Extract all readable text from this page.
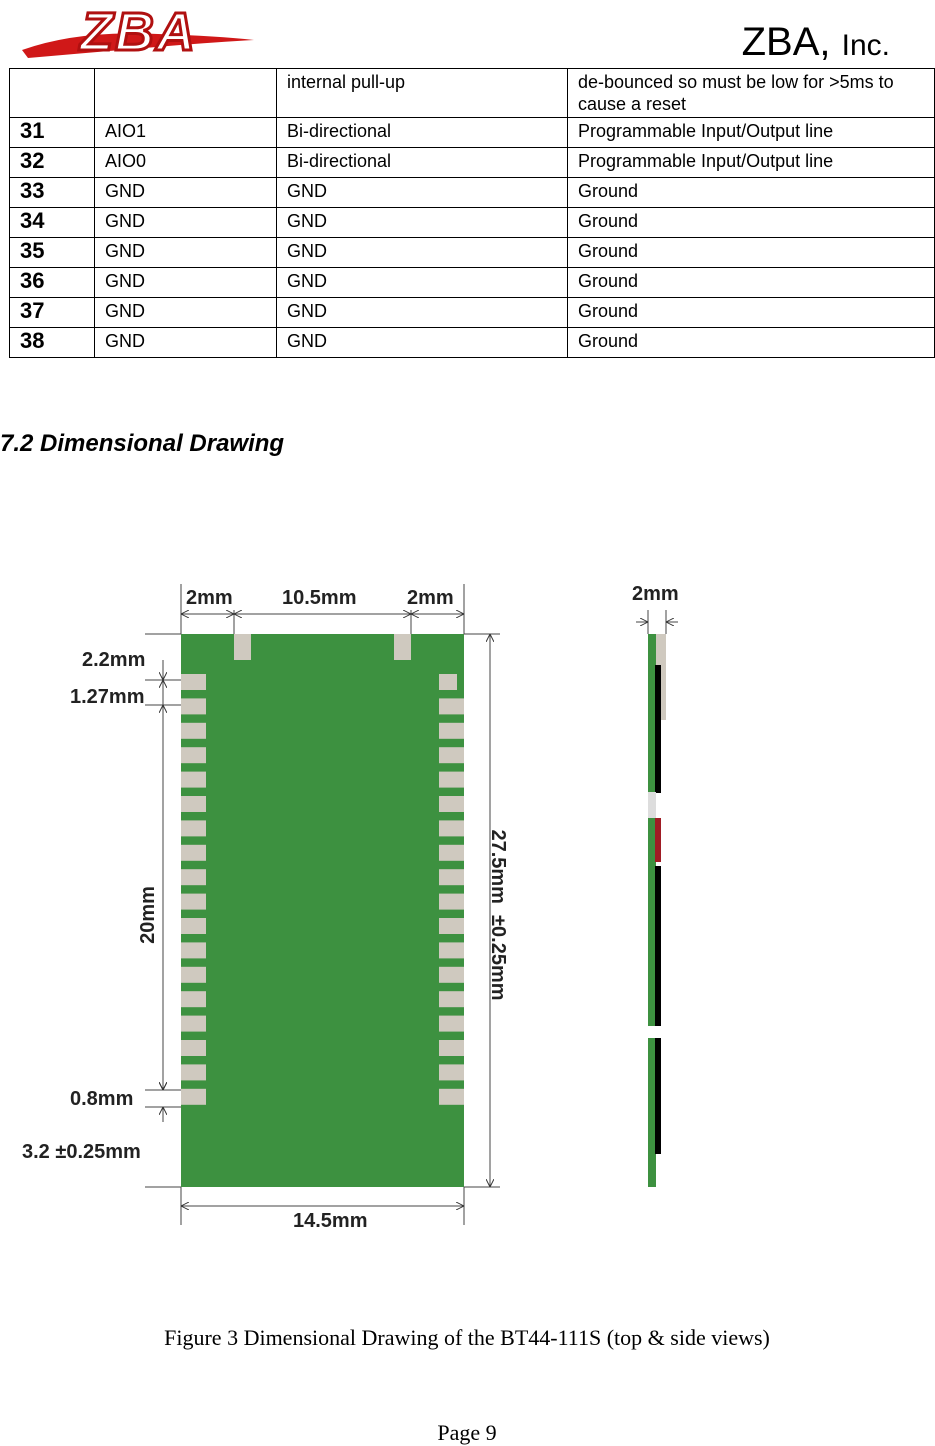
ZBA	ZBA, Inc.
		internal pull-up	de-bounced so must be low for >5ms to cause a reset
31	AIO1	Bi-directional	Programmable Input/Output line
32	AIO0	Bi-directional	Programmable Input/Output line
33	GND	GND	Ground
34	GND	GND	Ground
35	GND	GND	Ground
36	GND	GND	Ground
37	GND	GND	Ground
38	GND	GND	Ground
7.2 Dimensional Drawing
2mm 10.5mm	2mm	2mm
2.2mm
1.27mm
20mm
0.8mm
3.2 ±0.25mm
27.5mm  ±0.25mm
14.5mm
Figure 3 Dimensional Drawing of the BT44-111S (top & side views)
Page 9
